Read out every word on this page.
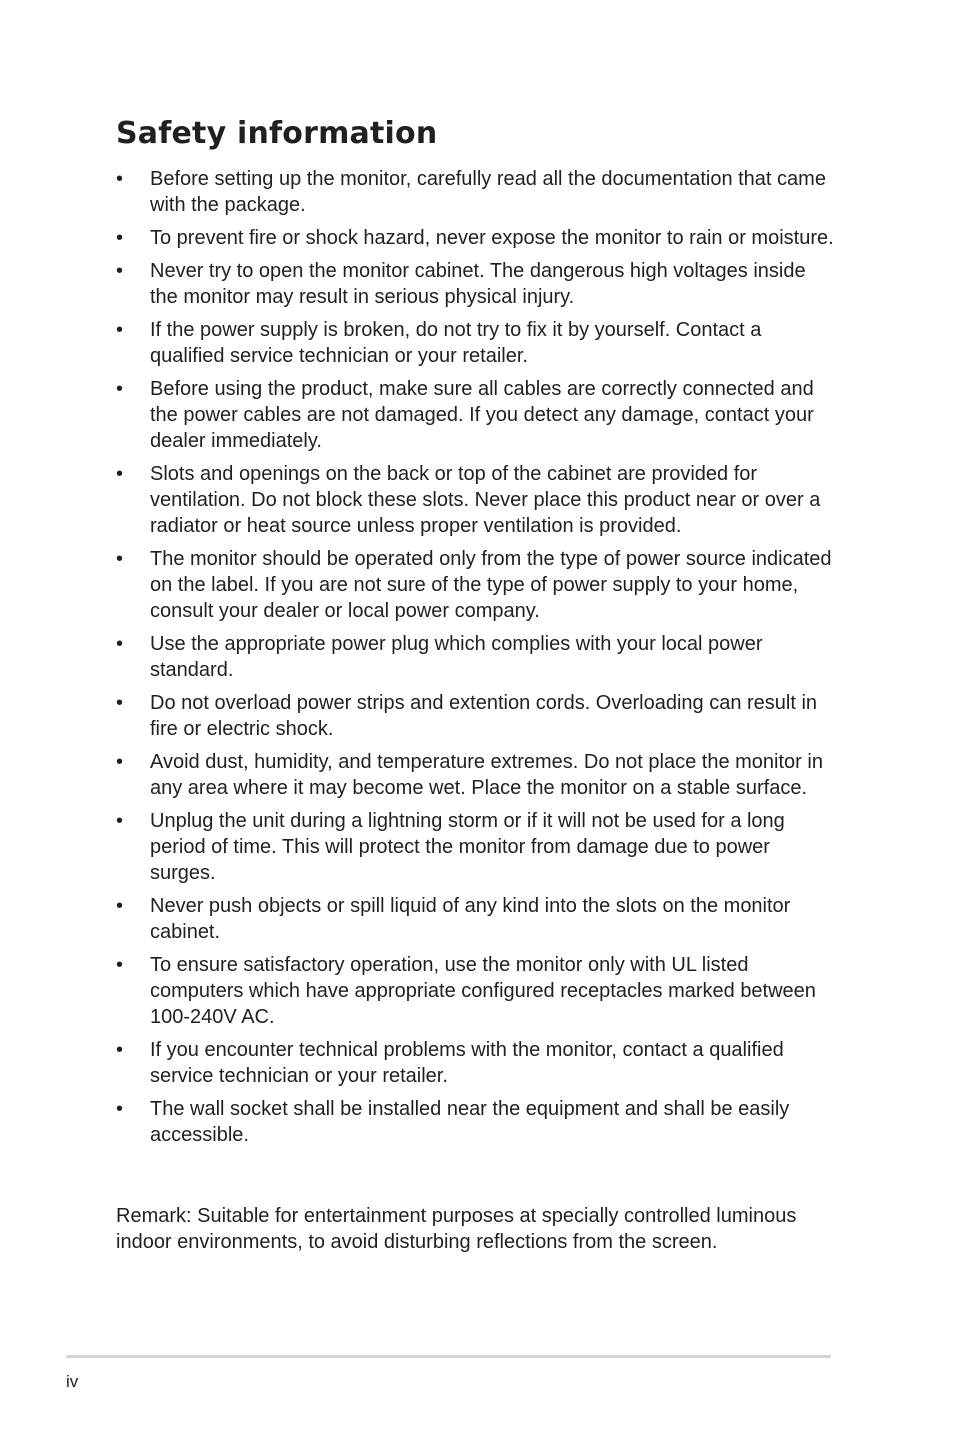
Safety information
•	Before setting up the monitor, carefully read all the documentation that came with the package.
•	To prevent fire or shock hazard, never expose the monitor to rain or moisture.
•	Never try to open the monitor cabinet. The dangerous high voltages inside the monitor may result in serious physical injury.
•	If the power supply is broken, do not try to fix it by yourself. Contact a qualified service technician or your retailer.
•	Before using the product, make sure all cables are correctly connected and the power cables are not damaged. If you detect any damage, contact your dealer immediately.
•	Slots and openings on the back or top of the cabinet are provided for ventilation. Do not block these slots. Never place this product near or over a radiator or heat source unless proper ventilation is provided.
•	The monitor should be operated only from the type of power source indicated on the label. If you are not sure of the type of power supply to your home, consult your dealer or local power company.
•	Use the appropriate power plug which complies with your local power standard.
•	Do not overload power strips and extention cords. Overloading can result in fire or electric shock.
•	Avoid dust, humidity, and temperature extremes. Do not place the monitor in any area where it may become wet. Place the monitor on a stable surface.
•	Unplug the unit during a lightning storm or if it will not be used for a long period of time. This will protect the monitor from damage due to power surges.
•	Never push objects or spill liquid of any kind into the slots on the monitor cabinet.
•	To ensure satisfactory operation, use the monitor only with UL listed computers which have appropriate configured receptacles marked between 100-240V AC.
•	If you encounter technical problems with the monitor, contact a qualified service technician or your retailer.
•	The wall socket shall be installed near the equipment and shall be easily accessible.

Remark: Suitable for entertainment purposes at specially controlled luminous indoor environments, to avoid disturbing reflections from the screen.

iv
